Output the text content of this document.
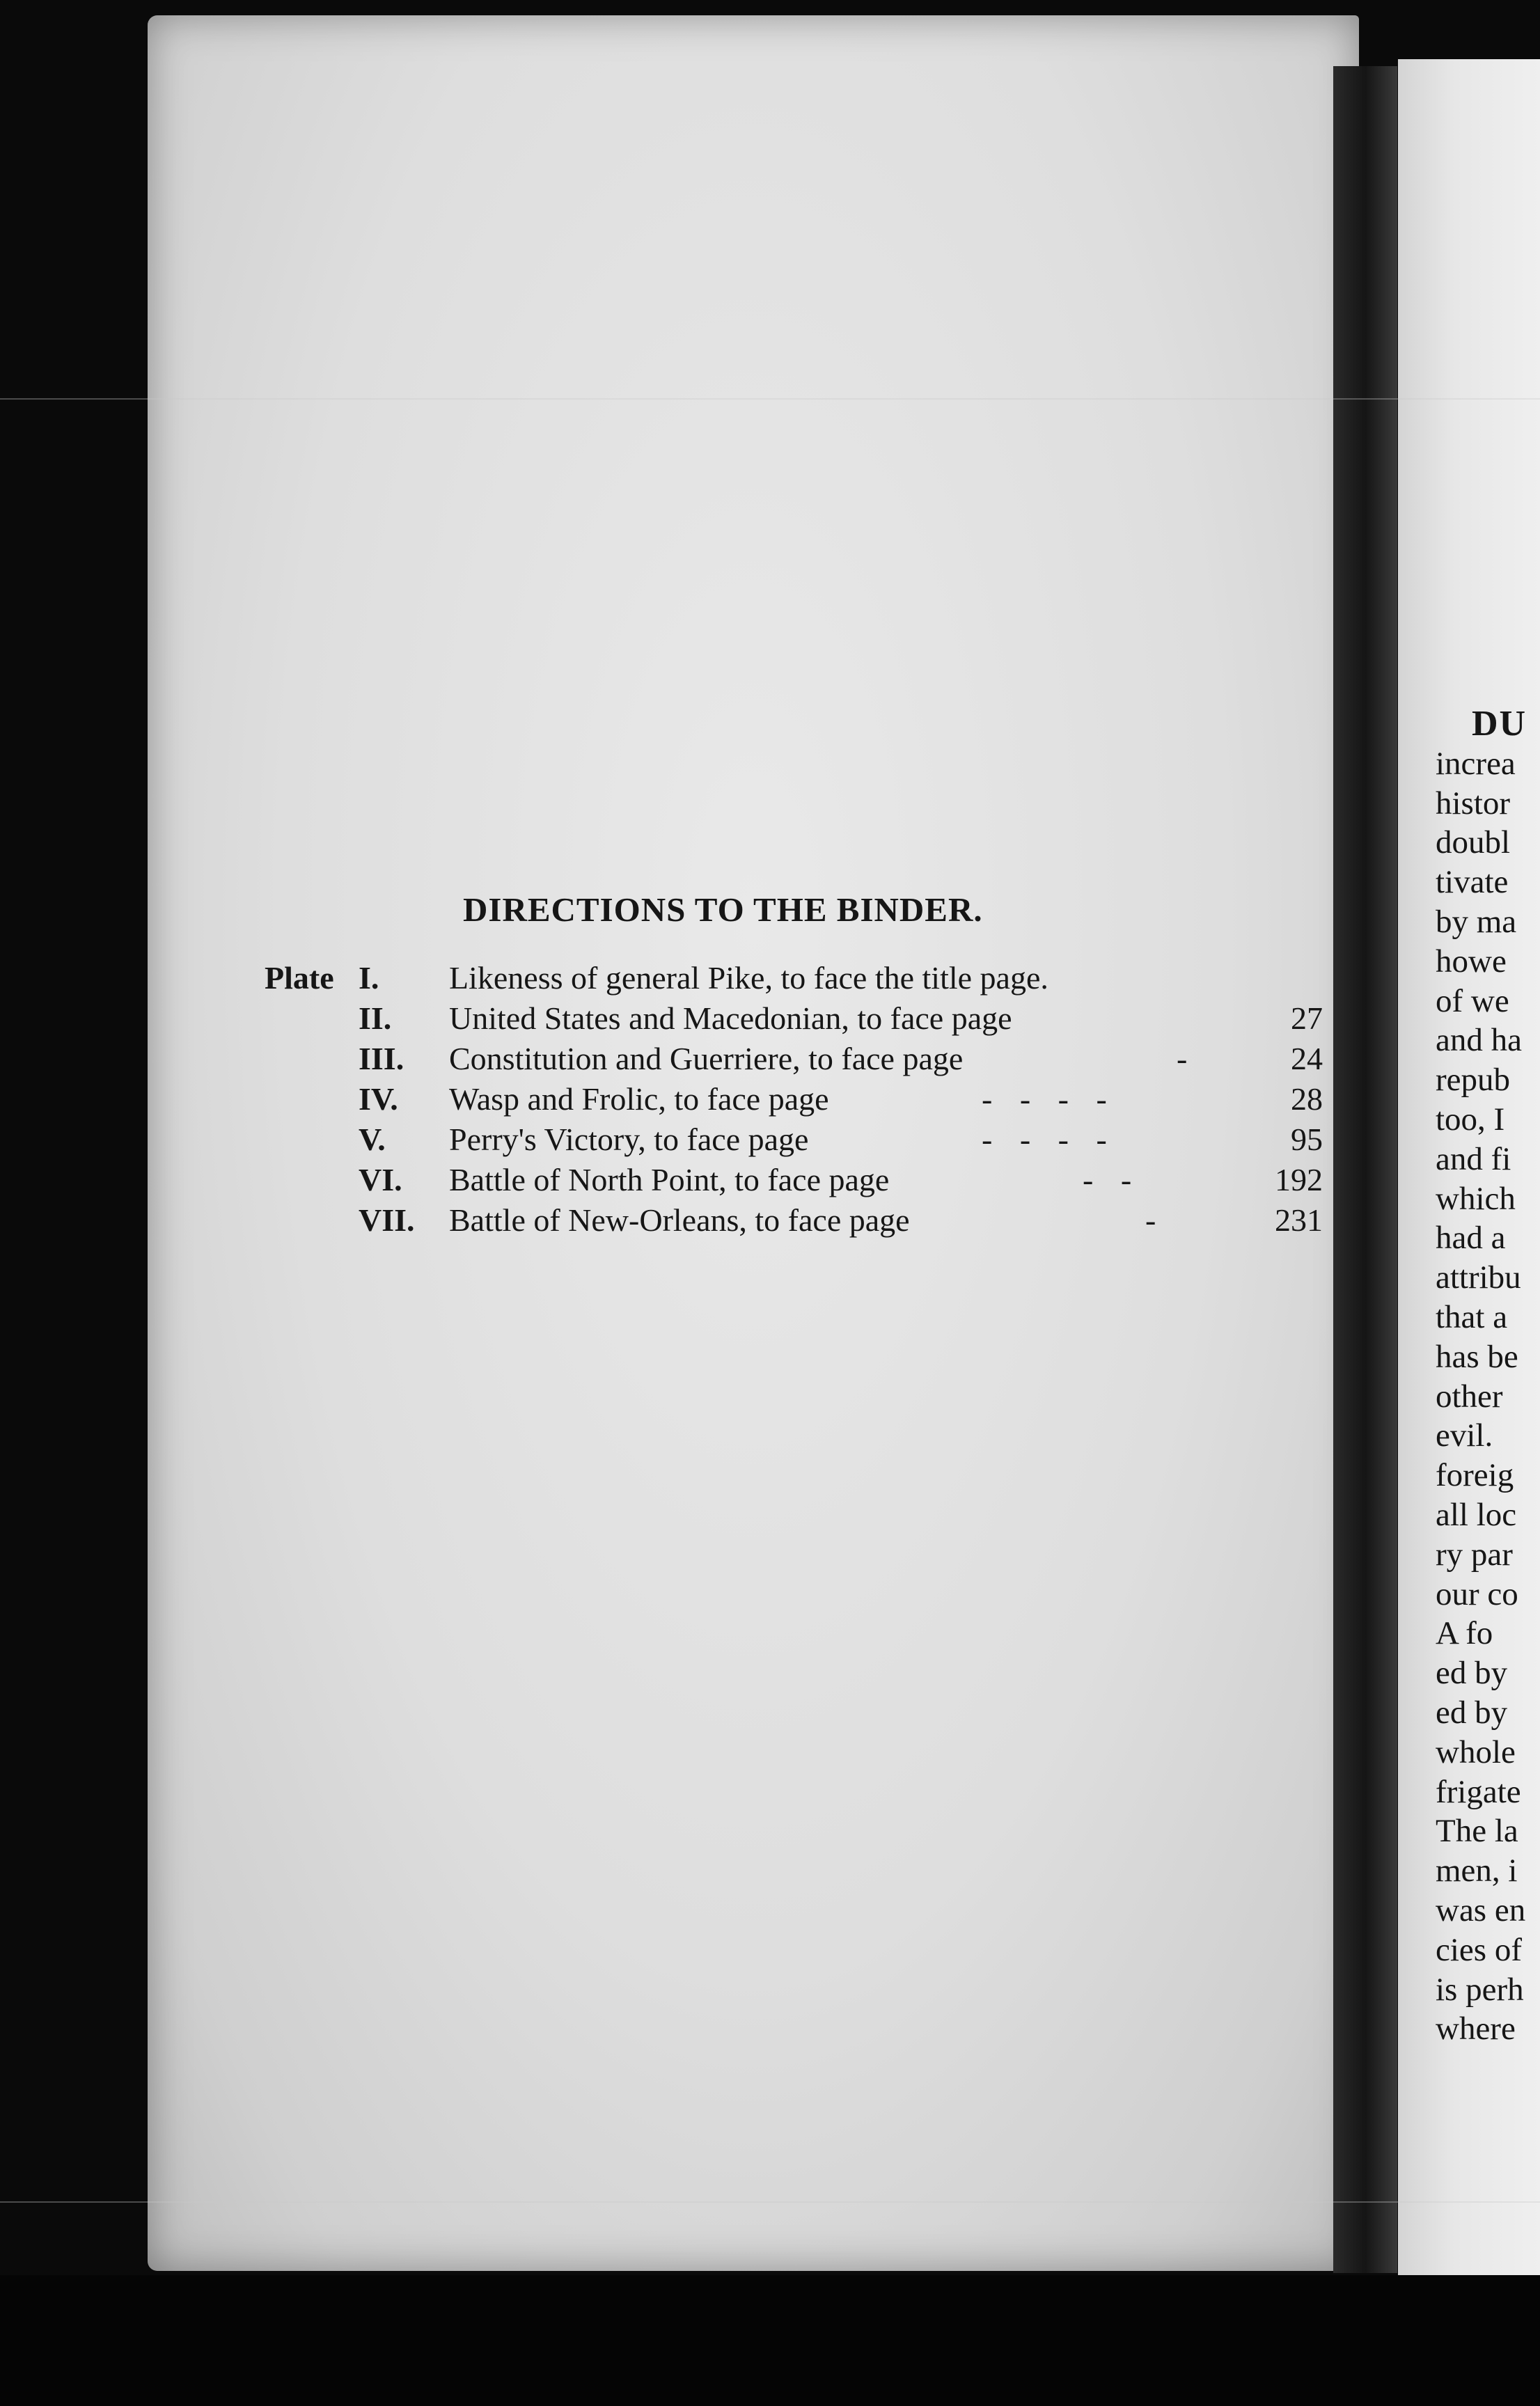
DIRECTIONS TO THE BINDER.
Plate I. Likeness of general Pike, to face the title page.
II. United States and Macedonian, to face page	27
III. Constitution and Guerriere, to face page	-	24
IV. Wasp and Frolic, to face page	- - - -	28
V. Perry's Victory, to face page	- - - -	95
VI. Battle of North Point, to face page	- -	192
VII. Battle of New-Orleans, to face page	-	231
DU
increa
histor
doubl
tivate
by ma
howe
of we
and ha
repub
too, I
and fi
which
had a
attribu
that a
has be
other
evil.
foreig
all loc
ry par
our co
A fo
ed by
ed by
whole
frigate
The la
men, i
was en
cies of
is perh
where
